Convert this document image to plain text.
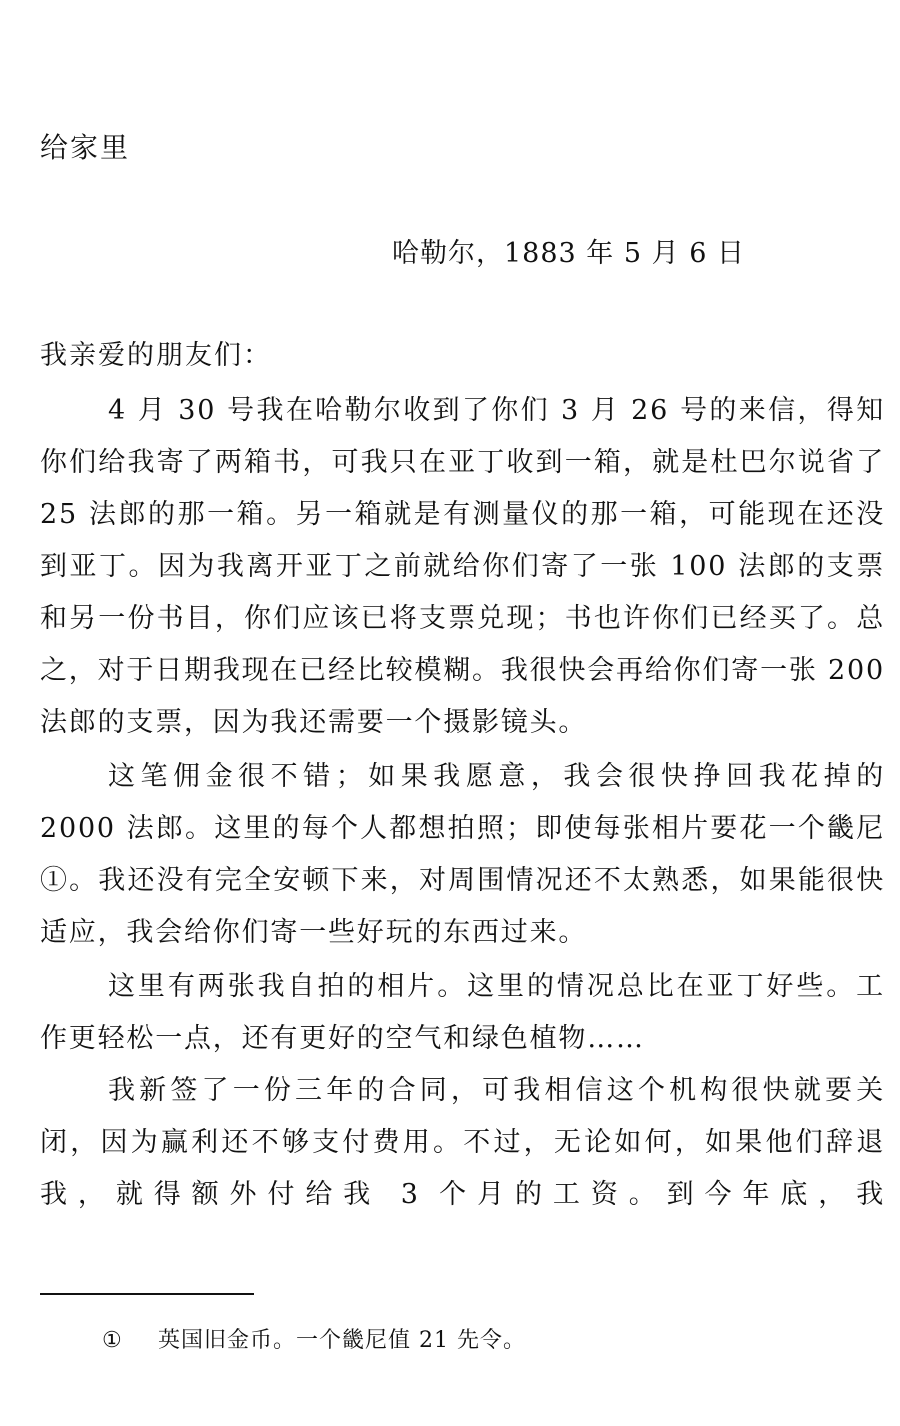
给家里
哈勒尔，1883 年 5 月 6 日
我亲爱的朋友们：

4 月 30 号我在哈勒尔收到了你们 3 月 26 号的来信，得知你们给我寄了两箱书，可我只在亚丁收到一箱，就是杜巴尔说省了 25 法郎的那一箱。另一箱就是有测量仪的那一箱，可能现在还没到亚丁。因为我离开亚丁之前就给你们寄了一张 100 法郎的支票和另一份书目，你们应该已将支票兑现；书也许你们已经买了。总之，对于日期我现在已经比较模糊。我很快会再给你们寄一张 200 法郎的支票，因为我还需要一个摄影镜头。

这笔佣金很不错；如果我愿意，我会很快挣回我花掉的 2000 法郎。这里的每个人都想拍照；即使每张相片要花一个畿尼①。我还没有完全安顿下来，对周围情况还不太熟悉，如果能很快适应，我会给你们寄一些好玩的东西过来。

这里有两张我自拍的相片。这里的情况总比在亚丁好些。工作更轻松一点，还有更好的空气和绿色植物……

我新签了一份三年的合同，可我相信这个机构很快就要关闭，因为赢利还不够支付费用。不过，无论如何，如果他们辞退我，就得额外付给我 3 个月的工资。到今年底，我

① 英国旧金币。一个畿尼值 21 先令。
